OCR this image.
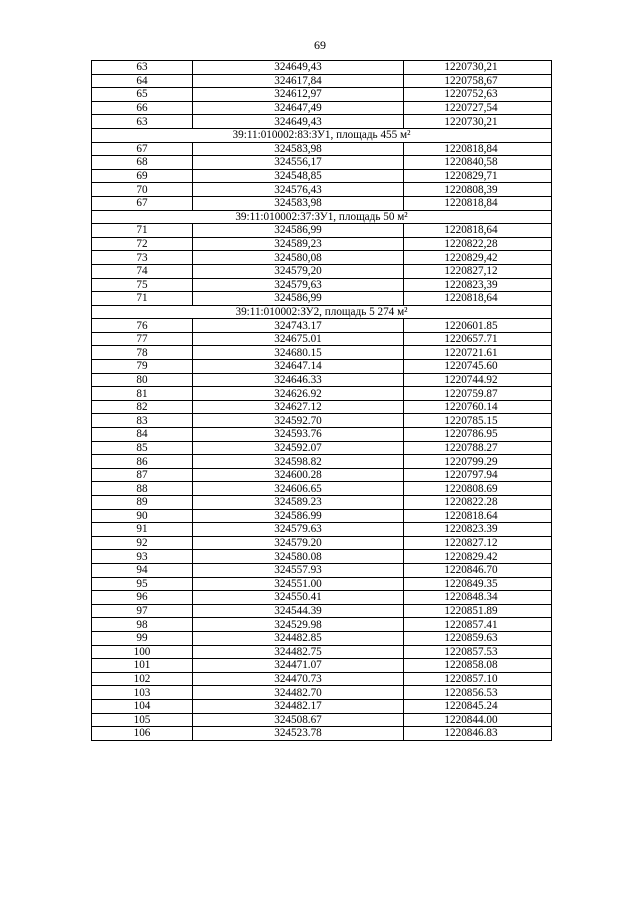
69
63	324649,43	1220730,21
64	324617,84	1220758,67
65	324612,97	1220752,63
66	324647,49	1220727,54
63	324649,43	1220730,21
39:11:010002:83:ЗУ1, площадь 455 м²		
67	324583,98	1220818,84
68	324556,17	1220840,58
69	324548,85	1220829,71
70	324576,43	1220808,39
67	324583,98	1220818,84
39:11:010002:37:ЗУ1, площадь 50 м²		
71	324586,99	1220818,64
72	324589,23	1220822,28
73	324580,08	1220829,42
74	324579,20	1220827,12
75	324579,63	1220823,39
71	324586,99	1220818,64
39:11:010002:ЗУ2, площадь 5 274 м²		
76	324743.17	1220601.85
77	324675.01	1220657.71
78	324680.15	1220721.61
79	324647.14	1220745.60
80	324646.33	1220744.92
81	324626.92	1220759.87
82	324627.12	1220760.14
83	324592.70	1220785.15
84	324593.76	1220786.95
85	324592.07	1220788.27
86	324598.82	1220799.29
87	324600.28	1220797.94
88	324606.65	1220808.69
89	324589.23	1220822.28
90	324586.99	1220818.64
91	324579.63	1220823.39
92	324579.20	1220827.12
93	324580.08	1220829.42
94	324557.93	1220846.70
95	324551.00	1220849.35
96	324550.41	1220848.34
97	324544.39	1220851.89
98	324529.98	1220857.41
99	324482.85	1220859.63
100	324482.75	1220857.53
101	324471.07	1220858.08
102	324470.73	1220857.10
103	324482.70	1220856.53
104	324482.17	1220845.24
105	324508.67	1220844.00
106	324523.78	1220846.83
